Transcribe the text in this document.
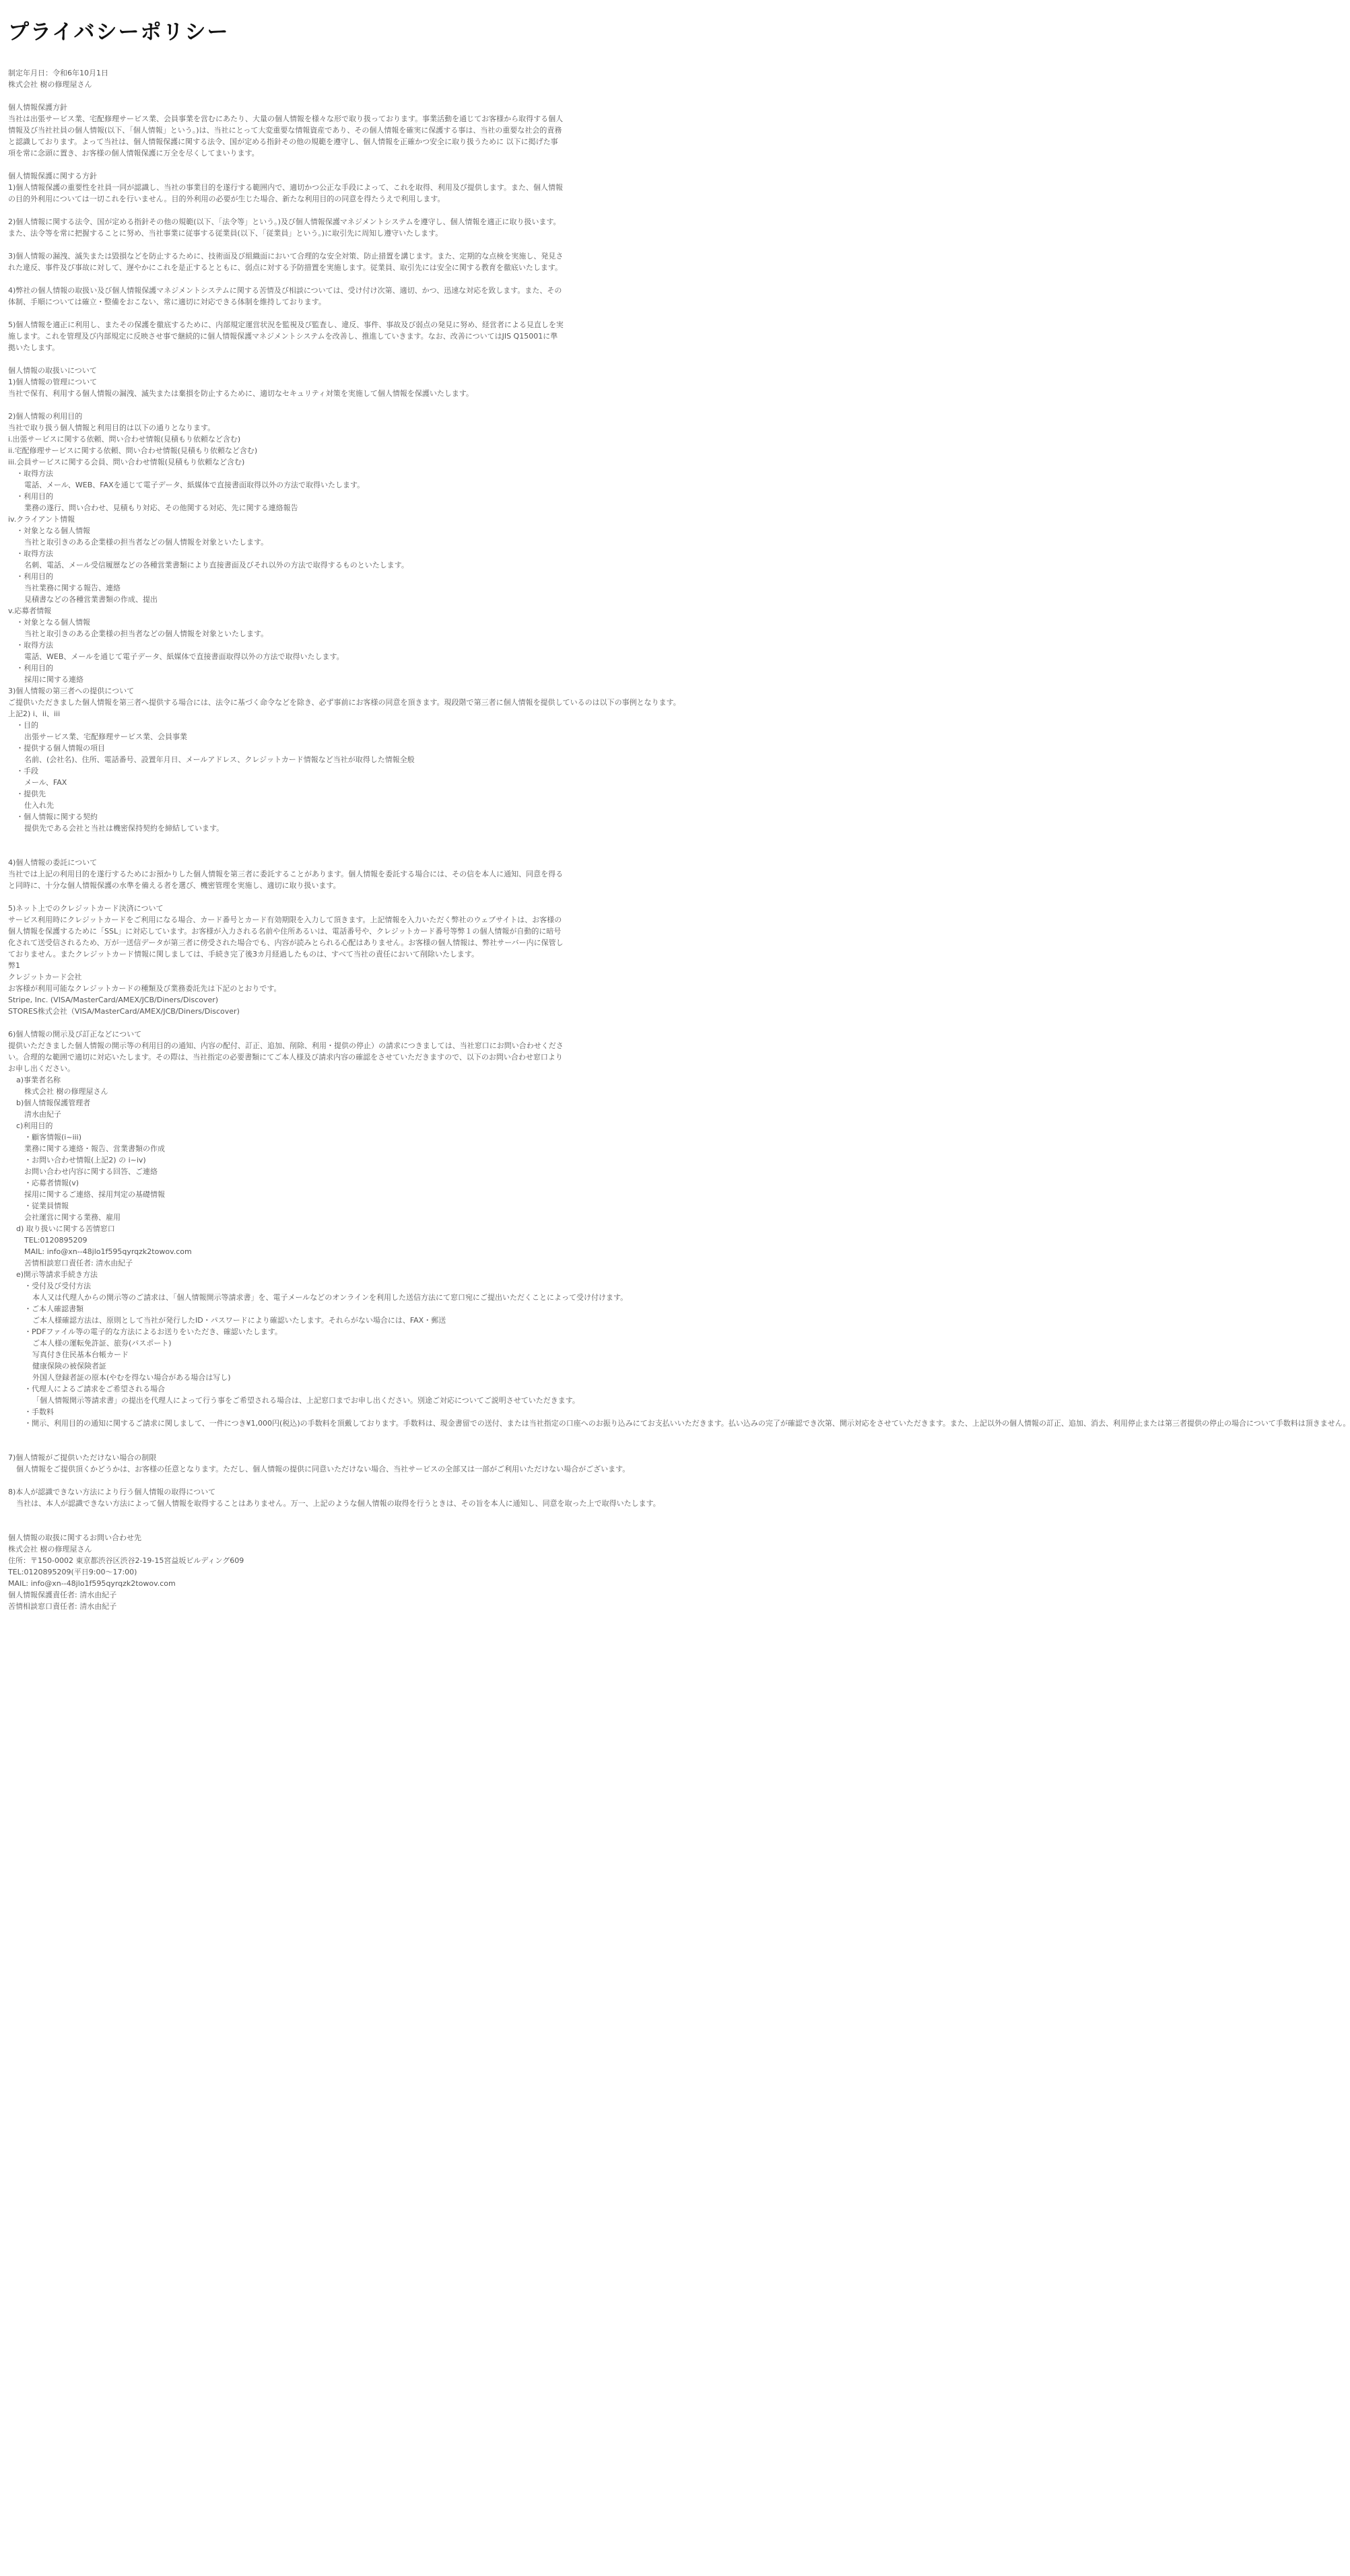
プライバシーポリシー
制定年月日：令和6年10月1日
株式会社 樹の修理屋さん
個人情報保護方針
当社は出張サービス業、宅配修理サービス業、会員事業を営むにあたり、大量の個人情報を様々な形で取り扱っております。事業活動を通じてお客様から取得する個人情報及び当社社員の個人情報(以下、「個人情報」という。)は、当社にとって大変重要な情報資産であり、その個人情報を確実に保護する事は、当社の重要な社会的責務と認識しております。よって当社は、個人情報保護に関する法令、国が定める指針その他の規範を遵守し、個人情報を正確かつ安全に取り扱うために 以下に掲げた事項を常に念頭に置き、お客様の個人情報保護に万全を尽くしてまいります。
個人情報保護に関する方針
1)個人情報保護の重要性を社員一同が認識し、当社の事業目的を遂行する範囲内で、適切かつ公正な手段によって、これを取得、利用及び提供します。また、個人情報の目的外利用については一切これを行いません。目的外利用の必要が生じた場合、新たな利用目的の同意を得たうえで利用します。
2)個人情報に関する法令、国が定める指針その他の規範(以下、「法令等」という。)及び個人情報保護マネジメントシステムを遵守し、個人情報を適正に取り扱います。また、法令等を常に把握することに努め、当社事業に従事する従業員(以下、「従業員」という。)に取引先に周知し遵守いたします。
3)個人情報の漏洩、滅失または毀損などを防止するために、技術面及び組織面において合理的な安全対策、防止措置を講じます。また、定期的な点検を実施し、発見された違反、事件及び事故に対して、遅やかにこれを是正するとともに、弱点に対する予防措置を実施します。従業員、取引先には安全に関する教育を徹底いたします。
4)弊社の個人情報の取扱い及び個人情報保護マネジメントシステムに関する苦情及び相談については、受け付け次第、適切、かつ、迅速な対応を致します。また、その体制、手順については確立・整備をおこない、常に適切に対応できる体制を維持しております。
5)個人情報を適正に利用し、またその保護を徹底するために、内部規定運営状況を監視及び監査し、違反、事件、事故及び弱点の発見に努め、経営者による見直しを実施します。これを管理及び内部規定に反映させ事で継続的に個人情報保護マネジメントシステムを改善し、推進していきます。なお、改善についてはJIS Q15001に準拠いたします。
個人情報の取扱いについて
1)個人情報の管理について
当社で保有、利用する個人情報の漏洩、滅失または棄損を防止するために、適切なセキュリティ対策を実施して個人情報を保護いたします。
2)個人情報の利用目的
当社で取り扱う個人情報と利用目的は以下の通りとなります。
i.出張サービスに関する依頼、問い合わせ情報(見積もり依頼など含む)
ii.宅配修理サービスに関する依頼、問い合わせ情報(見積もり依頼など含む)
iii.会員サービスに関する会員、問い合わせ情報(見積もり依頼など含む)
・取得方法
電話、メール、WEB、FAXを通じて電子データ、紙媒体で直接書面取得以外の方法で取得いたします。
・利用目的
業務の遂行、問い合わせ、見積もり対応、その他関する対応、先に関する連絡報告
iv.クライアント情報
・対象となる個人情報
当社と取引きのある企業様の担当者などの個人情報を対象といたします。
・取得方法
名刺、電話、メール受信履歴などの各種営業書類により直接書面及びそれ以外の方法で取得するものといたします。
・利用目的
当社業務に関する報告、連絡
見積書などの各種営業書類の作成、提出
v.応募者情報
・対象となる個人情報
当社と取引きのある企業様の担当者などの個人情報を対象といたします。
・取得方法
電話、WEB、メールを通じて電子データ、紙媒体で直接書面取得以外の方法で取得いたします。
・利用目的
採用に関する連絡
3)個人情報の第三者への提供について
ご提供いただきました個人情報を第三者へ提供する場合には、法令に基づく命令などを除き、必ず事前にお客様の同意を頂きます。現段階で第三者に個人情報を提供しているのは以下の事例となります。
上記2) i、ii、iii
・目的
出張サービス業、宅配修理サービス業、会員事業
・提供する個人情報の項目
名前、(会社名)、住所、電話番号、設置年月日、メールアドレス、クレジットカード情報など当社が取得した情報全般
・手段
メール、FAX
・提供先
仕入れ先
・個人情報に関する契約
提供先である会社と当社は機密保持契約を締結しています。
4)個人情報の委託について
当社では上記の利用目的を遂行するためにお預かりした個人情報を第三者に委託することがあります。個人情報を委託する場合には、その信を本人に通知、同意を得ると同時に、十分な個人情報保護の水準を備える者を選び、機密管理を実施し、適切に取り扱います。
5)ネット上でのクレジットカード決済について
サービス利用時にクレジットカードをご利用になる場合、カード番号とカード有効期限を入力して頂きます。上記情報を入力いただく弊社のウェブサイトは、お客様の個人情報を保護するために「SSL」に対応しています。お客様が入力される名前や住所あるいは、電話番号や、クレジットカード番号等弊１の個人情報が自動的に暗号化されて送受信されるため、万が一送信データが第三者に傍受された場合でも、内容が読みとられる心配はありません。お客様の個人情報は、弊社サーバー内に保管しておりません。またクレジットカード情報に関しましては、手続き完了後3カ月経過したものは、すべて当社の責任において削除いたします。
弊1
クレジットカード会社
お客様が利用可能なクレジットカードの種類及び業務委託先は下記のとおりです。
Stripe, Inc. (VISA/MasterCard/AMEX/JCB/Diners/Discover)
STORES株式会社（VISA/MasterCard/AMEX/JCB/Diners/Discover)
6)個人情報の開示及び訂正などについて
提供いただきました個人情報の開示等の利用目的の通知、内容の配付、訂正、追加、削除、利用・提供の停止）の請求につきましては、当社窓口にお問い合わせください。合理的な範囲で適切に対応いたします。その際は、当社指定の必要書類にてご本人様及び請求内容の確認をさせていただきますので、以下のお問い合わせ窓口よりお申し出ください。
a)事業者名称
株式会社 樹の修理屋さん
b)個人情報保護管理者
清水由紀子
c)利用目的
・顧客情報(i~iii)
業務に関する連絡・報告、営業書類の作成
・お問い合わせ情報(上記2) の i~iv)
お問い合わせ内容に関する回答、ご連絡
・応募者情報(v)
採用に関するご連絡、採用判定の基礎情報
・従業員情報
会社運営に関する業務、雇用
d) 取り扱いに関する苦情窓口
TEL:0120895209
MAIL: info@xn--48jlo1f595qyrqzk2towov.com
苦情相談窓口責任者: 清水由紀子
e)開示等請求手続き方法
・受付及び受付方法
本人又は代理人からの開示等のご請求は、「個人情報開示等請求書」を、電子メールなどのオンラインを利用した送信方法にて窓口宛にご提出いただくことによって受け付けます。
・ご本人確認書類
ご本人様確認方法は、原則として当社が発行したID・パスワードにより確認いたします。それらがない場合には、FAX・郵送
・PDFファイル等の電子的な方法によるお送りをいただき、確認いたします。
ご本人様の運転免許証、旅券(パスポート)
写真付き住民基本台帳カード
健康保険の被保険者証
外国人登録者証の原本(やむを得ない場合がある場合は写し)
・代理人によるご請求をご希望される場合
「個人情報開示等請求書」の提出を代理人によって行う事をご希望される場合は、上記窓口までお申し出ください。別途ご対応についてご説明させていただきます。
・手数料
・開示、利用目的の通知に関するご請求に関しまして、一件につき¥1,000円(税込)の手数料を頂戴しております。手数料は、現金書留での送付、または当社指定の口座へのお振り込みにてお支払いいただきます。払い込みの完了が確認でき次第、開示対応をさせていただきます。また、上記以外の個人情報の訂正、追加、消去、利用停止または第三者提供の停止の場合について手数料は頂きません。
7)個人情報がご提供いただけない場合の制限
個人情報をご提供頂くかどうかは、お客様の任意となります。ただし、個人情報の提供に同意いただけない場合、当社サービスの全部又は一部がご利用いただけない場合がございます。
8)本人が認識できない方法により行う個人情報の取得について
当社は、本人が認識できない方法によって個人情報を取得することはありません。万一、上記のような個人情報の取得を行うときは、その旨を本人に通知し、同意を取った上で取得いたします。
個人情報の取扱に関するお問い合わせ先
株式会社 樹の修理屋さん
住所：〒150-0002 東京都渋谷区渋谷2-19-15宮益坂ビルディング609
TEL:0120895209(平日9:00〜17:00)
MAIL: info@xn--48jlo1f595qyrqzk2towov.com
個人情報保護責任者: 清水由紀子
苦情相談窓口責任者: 清水由紀子
